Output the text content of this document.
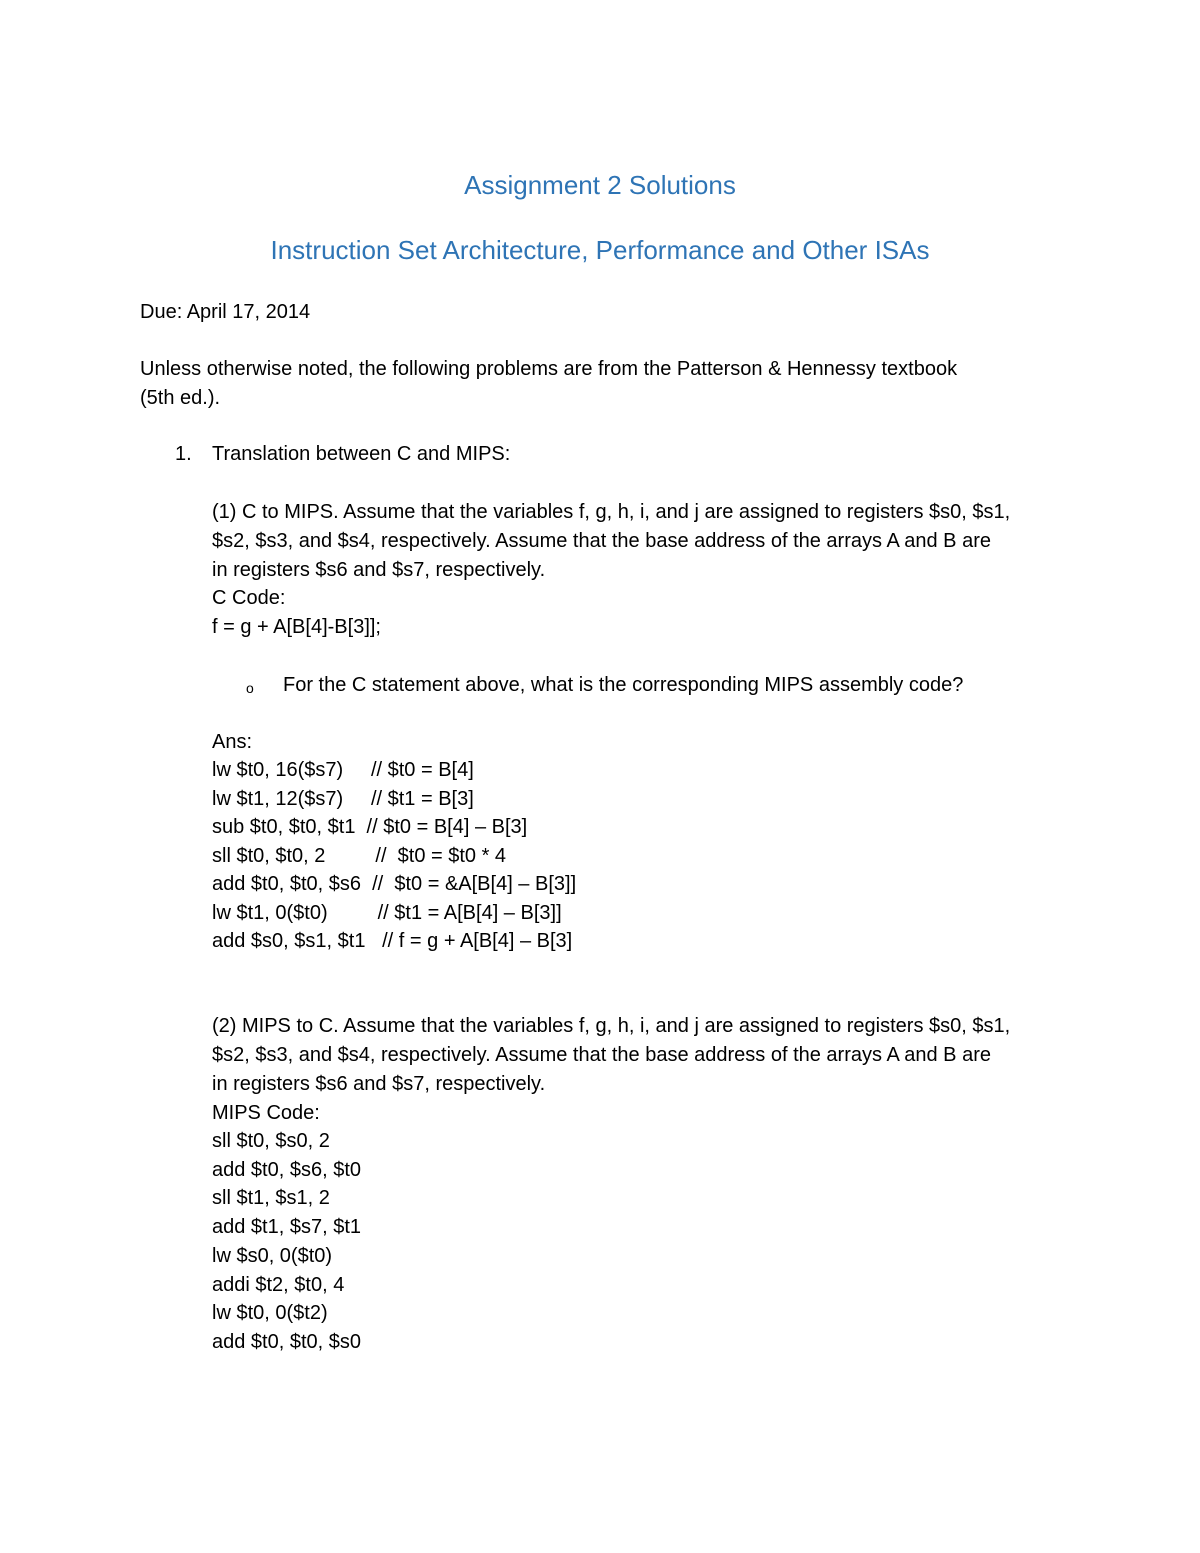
Assignment 2 Solutions
Instruction Set Architecture, Performance and Other ISAs

Due: April 17, 2014

Unless otherwise noted, the following problems are from the Patterson & Hennessy textbook

(5th ed.).

1. Translation between C and MIPS:

(1) C to MIPS. Assume that the variables f, g, h, i, and j are assigned to registers $s0, $s1,

$s2, $s3, and $s4, respectively. Assume that the base address of the arrays A and B are

in registers $s6 and $s7, respectively.

C Code:

f = g + A[B[4]-B[3]];

o For the C statement above, what is the corresponding MIPS assembly code?

Ans:

lw $t0, 16($s7)     // $t0 = B[4]

lw $t1, 12($s7)     // $t1 = B[3]

sub $t0, $t0, $t1  // $t0 = B[4] – B[3]

sll $t0, $t0, 2         //  $t0 = $t0 * 4

add $t0, $t0, $s6  //  $t0 = &A[B[4] – B[3]]

lw $t1, 0($t0)         // $t1 = A[B[4] – B[3]]

add $s0, $s1, $t1   // f = g + A[B[4] – B[3]

(2) MIPS to C. Assume that the variables f, g, h, i, and j are assigned to registers $s0, $s1,

$s2, $s3, and $s4, respectively. Assume that the base address of the arrays A and B are

in registers $s6 and $s7, respectively.

MIPS Code:

sll $t0, $s0, 2

add $t0, $s6, $t0

sll $t1, $s1, 2

add $t1, $s7, $t1

lw $s0, 0($t0)

addi $t2, $t0, 4

lw $t0, 0($t2)

add $t0, $t0, $s0
